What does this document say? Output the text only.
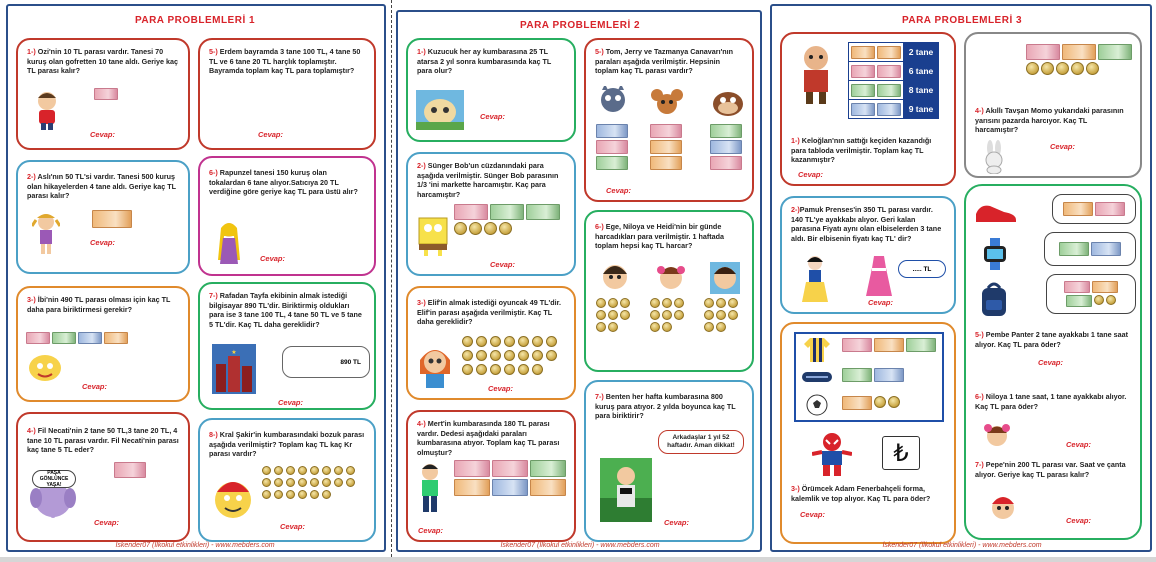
PARA PROBLEMLERİ 1
1-) Ozi'nin 10 TL parası vardır. Tanesi 70 kuruş olan gofretten 10 tane aldı. Geriye kaç TL parası kalır?
Cevap:
2-) Aslı'nın 50 TL'si vardır. Tanesi 500 kuruş olan hikayelerden 4 tane aldı. Geriye kaç TL parası kalır?
Cevap:
3-) İbi'nin 490 TL parası olması için kaç TL daha para biriktirmesi gerekir?
Cevap:
4-) Fil Necati'nin 2 tane 50 TL,3 tane 20 TL, 4 tane 10 TL parası vardır. Fil Necati'nin parası kaç tane 5 TL eder?
PAŞA GÖNLÜNCE YAŞA!
Cevap:
5-) Erdem bayramda 3 tane 100 TL, 4 tane 50 TL ve 6 tane 20 TL harçlık toplamıştır. Bayramda toplam kaç TL para toplamıştır?
Cevap:
6-) Rapunzel tanesi 150 kuruş olan tokalardan 6 tane alıyor.Satıcıya 20 TL verdiğine göre geriye kaç TL para üstü alır?
Cevap:
7-) Rafadan Tayfa ekibinin almak istediği bilgisayar 890 TL'dir. Biriktirmiş oldukları para ise 3 tane 100 TL, 4 tane 50 TL ve 5 tane 5 TL'dir. Kaç TL daha gereklidir?
★
890 TL
Cevap:
8-) Kral Şakir'in kumbarasındaki bozuk parası aşağıda verilmiştir? Toplam kaç TL kaç Kr parası vardır?
Cevap:
İskender07 (İlkokul etkinlikleri) - www.mebders.com
PARA PROBLEMLERİ 2
1-) Kuzucuk her ay kumbarasına 25 TL atarsa 2 yıl sonra kumbarasında kaç TL para olur?
Cevap:
2-) Sünger Bob'un cüzdanındaki para aşağıda verilmiştir. Sünger Bob parasının 1/3 'ini markette harcamıştır. Kaç para harcamıştır?
Cevap:
3-) Elif'in almak istediği oyuncak 49 TL'dir. Elif'in parası aşağıda verilmiştir. Kaç TL daha gereklidir?
Cevap:
4-) Mert'in kumbarasında 180 TL parası vardır. Dedesi aşağıdaki paraları kumbarasına atıyor. Toplam kaç TL parası olmuştur?
Cevap:
5-) Tom, Jerry ve Tazmanya Canavarı'nın paraları aşağıda verilmiştir. Hepsinin toplam kaç TL parası vardır?
Cevap:
6-) Ege, Niloya ve Heidi'nin bir günde harcadıkları para verilmiştir. 1 haftada toplam hepsi kaç TL harcar?
7-) Benten her hafta kumbarasına 800 kuruş para atıyor. 2 yılda boyunca kaç TL para biriktirir?
Arkadaşlar 1 yıl 52 haftadır. Aman dikkat!
Cevap:
İskender07 (İlkokul etkinlikleri) - www.mebders.com
PARA PROBLEMLERİ 3
	2 tane

	6 tane

	8 tane

	9 tane
1-) Keloğlan'nın sattığı keçiden kazandığı para tabloda verilmiştir. Toplam kaç TL kazanmıştır?
Cevap:
4-) Akıllı Tavşan Momo yukarıdaki parasının yarısını pazarda harcıyor. Kaç TL harcamıştır?
Cevap:
2-)Pamuk Prenses'in 350 TL parası vardır. 140 TL'ye ayakkabı alıyor. Geri kalan parasına Fiyatı aynı olan elbiselerden 3 tane aldı. Bir elbisenin fiyatı kaç TL' dir?
..... TL
Cevap:
₺
3-) Örümcek Adam Fenerbahçeli forma, kalemlik ve top alıyor. Kaç TL para öder?
Cevap:
5-) Pembe Panter 2 tane ayakkabı 1 tane saat alıyor. Kaç TL para öder?
Cevap:
6-) Niloya 1 tane saat, 1 tane ayakkabı alıyor. Kaç TL para öder?
Cevap:
7-) Pepe'nin 200 TL parası var. Saat ve çanta alıyor. Geriye kaç TL parası kalır?
Cevap:
İskender07 (İlkokul etkinlikleri) - www.mebders.com
